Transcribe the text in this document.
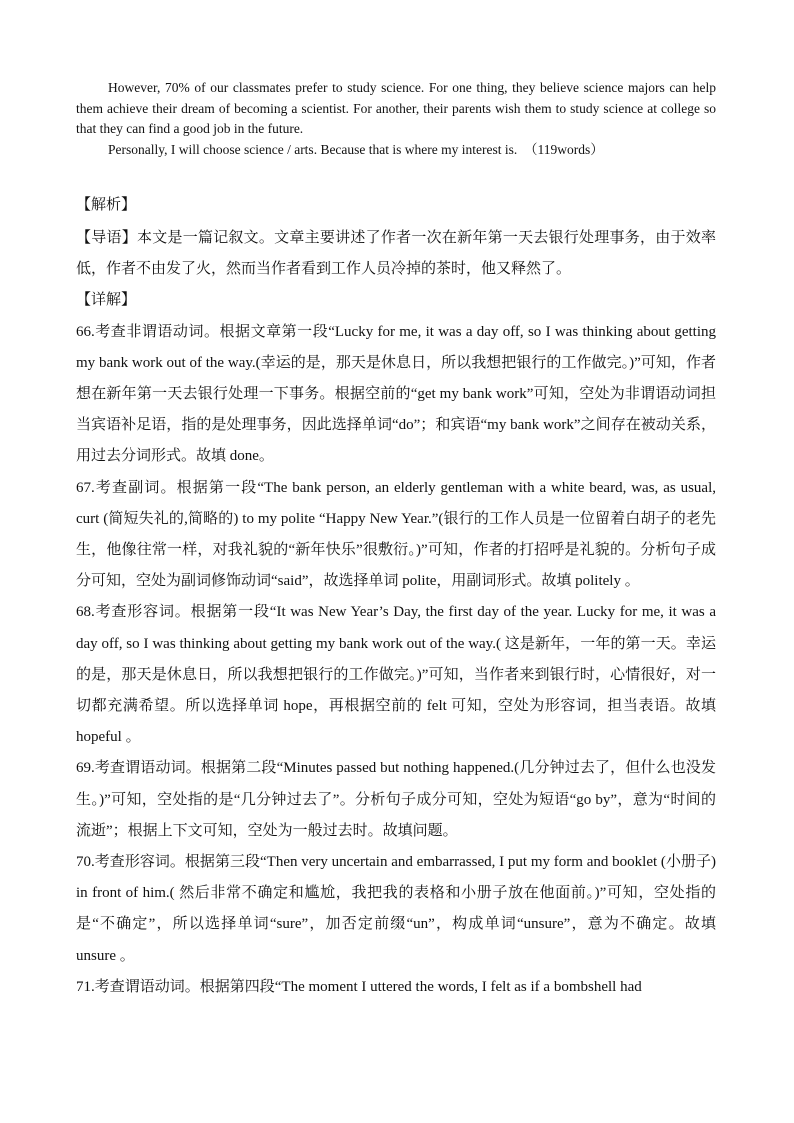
However, 70% of our classmates prefer to study science. For one thing, they believe science majors can help them achieve their dream of becoming a scientist. For another, their parents wish them to study science at college so that they can find a good job in the future.

Personally, I will choose science / arts. Because that is where my interest is.　（119words）

【解析】

【导语】本文是一篇记叙文。文章主要讲述了作者一次在新年第一天去银行处理事务，由于效率低，作者不由发了火，然而当作者看到工作人员冷掉的茶时，他又释然了。

【详解】

66.考查非谓语动词。根据文章第一段“Lucky for me, it was a day off, so I was thinking about getting my bank work out of the way.(幸运的是，那天是休息日，所以我想把银行的工作做完。)”可知，作者想在新年第一天去银行处理一下事务。根据空前的“get my bank work”可知，空处为非谓语动词担当宾语补足语，指的是处理事务，因此选择单词“do”；和宾语“my bank work”之间存在被动关系，用过去分词形式。故填 done。

67.考查副词。根据第一段“The bank person, an elderly gentleman with a white beard, was, as usual, curt (简短失礼的,简略的) to my polite “Happy New Year.”(银行的工作人员是一位留着白胡子的老先生，他像往常一样，对我礼貌的“新年快乐”很敷衍。)”可知，作者的打招呼是礼貌的。分析句子成分可知，空处为副词修饰动词“said”，故选择单词 polite，用副词形式。故填 politely 。

68.考查形容词。根据第一段“It was New Year’s Day, the first day of the year. Lucky for me, it was a day off, so I was thinking about getting my bank work out of the way.( 这是新年，一年的第一天。幸运的是，那天是休息日，所以我想把银行的工作做完。)”可知，当作者来到银行时，心情很好，对一切都充满希望。所以选择单词 hope，再根据空前的 felt 可知，空处为形容词，担当表语。故填 hopeful 。

69.考查谓语动词。根据第二段“Minutes passed but nothing happened.(几分钟过去了，但什么也没发生。)”可知，空处指的是“几分钟过去了”。分析句子成分可知，空处为短语“go by”，意为“时间的流逝”；根据上下文可知，空处为一般过去时。故填问题。

70.考查形容词。根据第三段“Then very uncertain and embarrassed, I put my form and booklet (小册子) in front of him.( 然后非常不确定和尴尬，我把我的表格和小册子放在他面前。)”可知，空处指的是“不确定”，所以选择单词“sure”，加否定前缀“un”，构成单词“unsure”，意为不确定。故填 unsure 。

71.考查谓语动词。根据第四段“The moment I uttered the words, I felt as if a bombshell had
